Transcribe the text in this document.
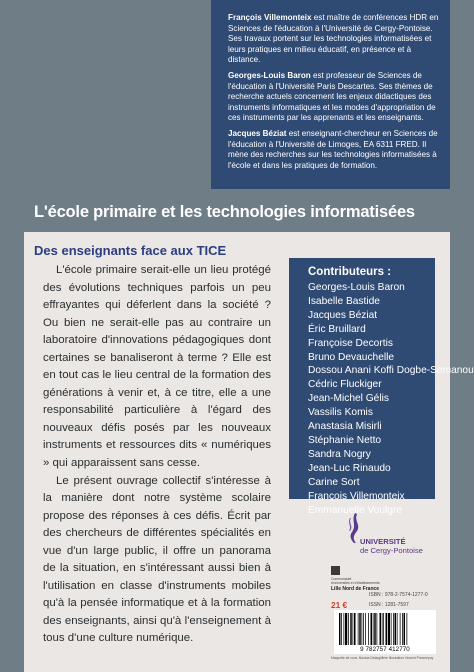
François Villemonteix est maître de conférences HDR en Sciences de l'éducation à l'Université de Cergy-Pontoise. Ses travaux portent sur les technologies informatisées et leurs pratiques en milieu éducatif, en présence et à distance.

Georges-Louis Baron est professeur de Sciences de l'éducation à l'Université Paris Descartes. Ses thèmes de recherche actuels concernent les enjeux didactiques des instruments informatiques et les modes d'appropriation de ces instruments par les apprenants et les enseignants.

Jacques Béziat est enseignant-chercheur en Sciences de l'éducation à l'Université de Limoges, EA 6311 FRED. Il mène des recherches sur les technologies informatisées à l'école et dans les pratiques de formation.

L'école primaire et les technologies informatisées
Des enseignants face aux TICE

L'école primaire serait-elle un lieu protégé des évolutions techniques parfois un peu effrayantes qui déferlent dans la société ? Ou bien ne serait-elle pas au contraire un laboratoire d'innovations pédagogiques dont certaines se banaliseront à terme ? Elle est en tout cas le lieu central de la formation des générations à venir et, à ce titre, elle a une responsabilité particulière à l'égard des nouveaux défis posés par les nouveaux instruments et ressources dits « numériques » qui apparaissent sans cesse.

Le présent ouvrage collectif s'intéresse à la manière dont notre système scolaire propose des réponses à ces défis. Écrit par des chercheurs de différentes spécialités en vue d'un large public, il offre un panorama de la situation, en s'intéressant aussi bien à l'utilisation en classe d'instruments mobiles qu'à la pensée informatique et à la formation des enseignants, ainsi qu'à l'enseignement à tous d'une culture numérique.

Contributeurs :
Georges-Louis Baron
Isabelle Bastide
Jacques Béziat
Éric Bruillard
Françoise Decortis
Bruno Devauchelle
Dossou Anani Koffi Dogbe-Semanou
Cédric Fluckiger
Jean-Michel Gélis
Vassilis Komis
Anastasia Misirli
Stéphanie Netto
Sandra Nogry
Jean-Luc Rinaudo
Carine Sort
François Villemonteix
Emmanuelle Voulgre
UNIVERSITÉ
de Cergy-Pontoise
Communauté
d'universités et d'établissements
Lille Nord de France
ISBN : 978-2-7574-1277-0
21 €	ISSN : 1281-7597
9 782757 412770

Maquette de couv. Nicolas Delargillière Illustration Vincent Pommepuy
